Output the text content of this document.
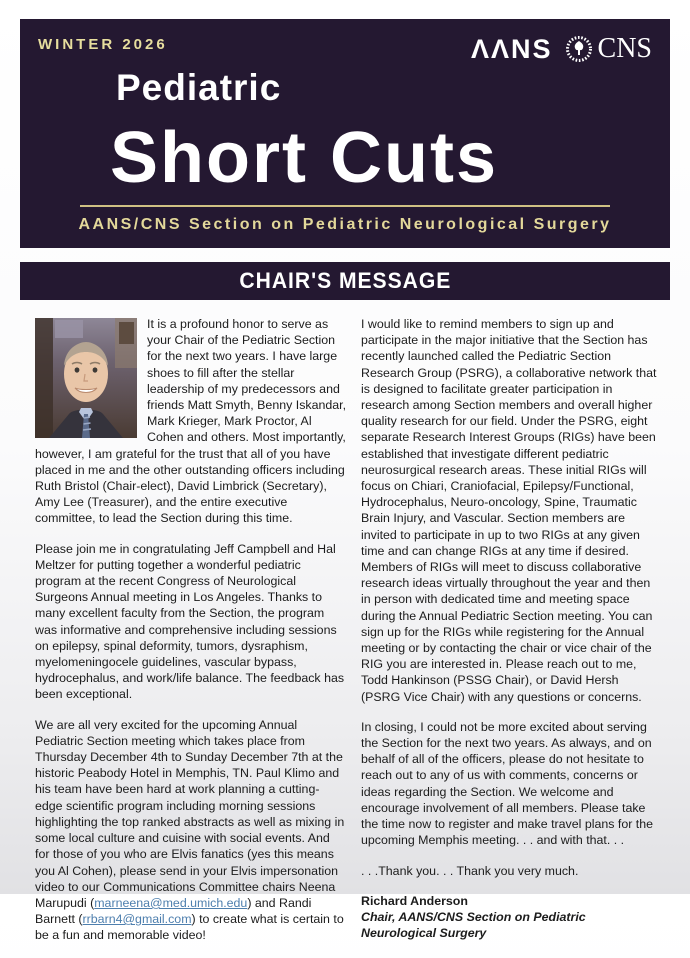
WINTER 2026	ΛΛNS CNS
Pediatric
Short Cuts
AANS/CNS Section on Pediatric Neurological Surgery
CHAIR'S MESSAGE

It is a profound honor to serve as your Chair of the Pediatric Section for the next two years. I have large shoes to fill after the stellar leadership of my predecessors and friends Matt Smyth, Benny Iskandar, Mark Krieger, Mark Proctor, Al Cohen and others. Most importantly, however, I am grateful for the trust that all of you have placed in me and the other outstanding officers including Ruth Bristol (Chair-elect), David Limbrick (Secretary), Amy Lee (Treasurer), and the entire executive committee, to lead the Section during this time.

Please join me in congratulating Jeff Campbell and Hal Meltzer for putting together a wonderful pediatric program at the recent Congress of Neurological Surgeons Annual meeting in Los Angeles. Thanks to many excellent faculty from the Section, the program was informative and comprehensive including sessions on epilepsy, spinal deformity, tumors, dysraphism, myelomeningocele guidelines, vascular bypass, hydrocephalus, and work/life balance. The feedback has been exceptional.

We are all very excited for the upcoming Annual Pediatric Section meeting which takes place from Thursday December 4th to Sunday December 7th at the historic Peabody Hotel in Memphis, TN. Paul Klimo and his team have been hard at work planning a cutting-edge scientific program including morning sessions highlighting the top ranked abstracts as well as mixing in some local culture and cuisine with social events. And for those of you who are Elvis fanatics (yes this means you Al Cohen), please send in your Elvis impersonation video to our Communications Committee chairs Neena Marupudi (marneena@med.umich.edu) and Randi Barnett (rrbarn4@gmail.com) to create what is certain to be a fun and memorable video!

I would like to remind members to sign up and participate in the major initiative that the Section has recently launched called the Pediatric Section Research Group (PSRG), a collaborative network that is designed to facilitate greater participation in research among Section members and overall higher quality research for our field. Under the PSRG, eight separate Research Interest Groups (RIGs) have been established that investigate different pediatric neurosurgical research areas. These initial RIGs will focus on Chiari, Craniofacial, Epilepsy/Functional, Hydrocephalus, Neuro-oncology, Spine, Traumatic Brain Injury, and Vascular. Section members are invited to participate in up to two RIGs at any given time and can change RIGs at any time if desired. Members of RIGs will meet to discuss collaborative research ideas virtually throughout the year and then in person with dedicated time and meeting space during the Annual Pediatric Section meeting. You can sign up for the RIGs while registering for the Annual meeting or by contacting the chair or vice chair of the RIG you are interested in. Please reach out to me, Todd Hankinson (PSSG Chair), or David Hersh (PSRG Vice Chair) with any questions or concerns.

In closing, I could not be more excited about serving the Section for the next two years. As always, and on behalf of all of the officers, please do not hesitate to reach out to any of us with comments, concerns or ideas regarding the Section. We welcome and encourage involvement of all members. Please take the time now to register and make travel plans for the upcoming Memphis meeting. . . and with that. . .

. . .Thank you. . . Thank you very much.

Richard Anderson
Chair, AANS/CNS Section on Pediatric Neurological Surgery
